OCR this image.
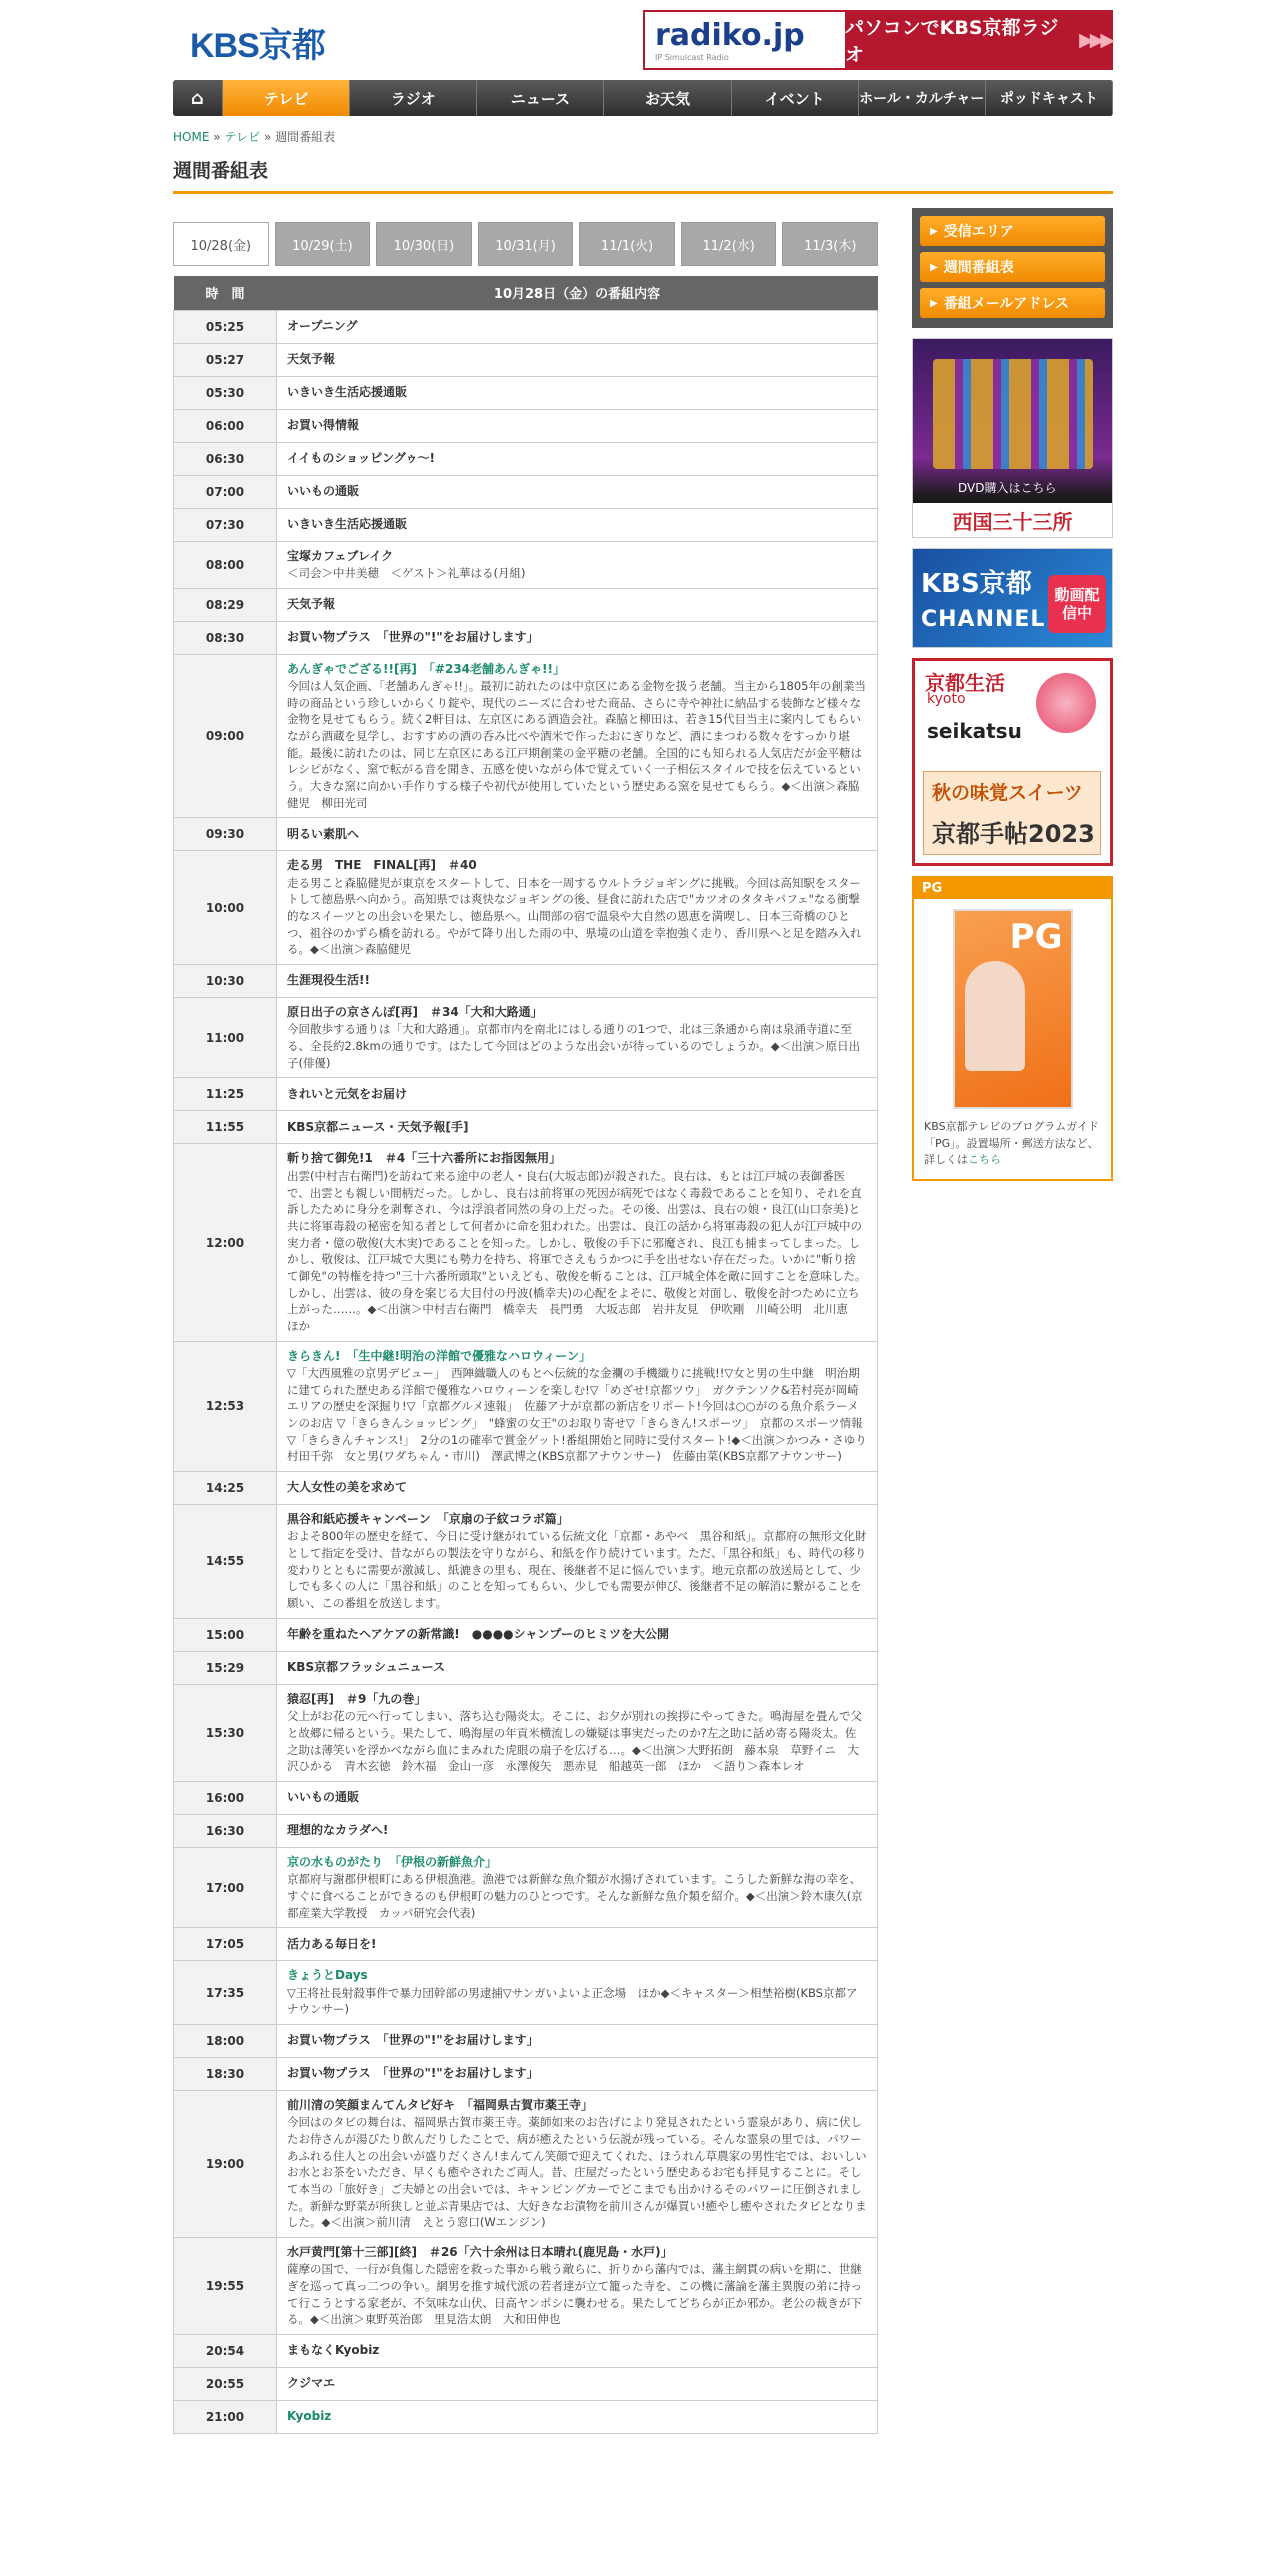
KBS京都	radiko.jp
IP Simulcast Radio
パソコンでKBS京都ラジオ
▶▶▶
⌂	テレビ	ラジオ	ニュース	お天気	イベント	ホール・カルチャー	ポッドキャスト
HOME » テレビ » 週間番組表
週間番組表
10/28(金)	10/29(土)	10/30(日)	10/31(月)	11/1(火)	11/2(水)	11/3(木)
時　間	10月28日（金）の番組内容
05:25	オープニング

05:27	天気予報

05:30	いきいき生活応援通販

06:00	お買い得情報

06:30	イイものショッピングゥ～!

07:00	いいもの通販

07:30	いきいき生活応援通販

08:00	宝塚カフェブレイク
＜司会＞中井美穂　＜ゲスト＞礼華はる(月組)

08:29	天気予報

08:30	お買い物プラス　「世界の"!"をお届けします」

09:00	あんぎゃでござる!![再]　「#234老舗あんぎゃ!!」
今回は人気企画、「老舗あんぎゃ!!」。最初に訪れたのは中京区にある金物を扱う老舗。当主から1805年の創業当時の商品という珍しいからくり錠や、現代のニーズに合わせた商品、さらに寺や神社に納品する装飾など様々な金物を見せてもらう。続く2軒目は、左京区にある酒造会社。森脇と柳田は、若き15代目当主に案内してもらいながら酒蔵を見学し、おすすめの酒の呑み比べや酒米で作ったおにぎりなど、酒にまつわる数々をすっかり堪能。最後に訪れたのは、同じ左京区にある江戸期創業の金平糖の老舗。全国的にも知られる人気店だが金平糖はレシピがなく、窯で転がる音を聞き、五感を使いながら体で覚えていく一子相伝スタイルで技を伝えているという。大きな窯に向かい手作りする様子や初代が使用していたという歴史ある窯を見せてもらう。◆＜出演＞森脇健児　柳田光司

09:30	明るい素肌へ

10:00	走る男　THE　FINAL[再]　＃40
走る男こと森脇健児が東京をスタートして、日本を一周するウルトラジョギングに挑戦。今回は高知駅をスタートして徳島県へ向かう。高知県では爽快なジョギングの後、昼食に訪れた店で"カツオのタタキパフェ"なる衝撃的なスイーツとの出会いを果たし、徳島県へ。山間部の宿で温泉や大自然の恩恵を満喫し、日本三奇橋のひとつ、祖谷のかずら橋を訪れる。やがて降り出した雨の中、県境の山道を幸抱強く走り、香川県へと足を踏み入れる。◆＜出演＞森脇健児

10:30	生涯現役生活!!

11:00	原日出子の京さんぽ[再]　＃34「大和大路通」
今回散歩する通りは「大和大路通」。京都市内を南北にはしる通りの1つで、北は三条通から南は泉涌寺道に至る、全長約2.8kmの通りです。はたして今回はどのような出会いが待っているのでしょうか。◆＜出演＞原日出子(俳優)

11:25	きれいと元気をお届け

11:55	KBS京都ニュース・天気予報[手]

12:00	斬り捨て御免!1　＃4「三十六番所にお指図無用」
出雲(中村吉右衛門)を訪ねて来る途中の老人・良右(大坂志郎)が殺された。良右は、もとは江戸城の表御番医で、出雲とも親しい間柄だった。しかし、良右は前将軍の死因が病死ではなく毒殺であることを知り、それを直訴したために身分を剥奪され、今は浮浪者同然の身の上だった。その後、出雲は、良右の娘・良江(山口奈美)と共に将軍毒殺の秘密を知る者として何者かに命を狙われた。出雲は、良江の話から将軍毒殺の犯人が江戸城中の実力者・億の敬俊(大木実)であることを知った。しかし、敬俊の手下に邪魔され、良江も捕まってしまった。しかし、敬俊は、江戸城で大奥にも勢力を持ち、将軍でさえもうかつに手を出せない存在だった。いかに"斬り捨て御免"の特権を持つ"三十六番所頭取"といえども、敬俊を斬ることは、江戸城全体を敵に回すことを意味した。しかし、出雲は、彼の身を案じる大目付の丹波(橋幸夫)の心配をよそに、敬俊と対面し、敬俊を討つために立ち上がった……。◆＜出演＞中村吉右衛門　橋幸夫　長門勇　大坂志郎　岩井友見　伊吹剛　川崎公明　北川恵　ほか

12:53	きらきん!　「生中継!明治の洋館で優雅なハロウィーン」
▽「大西風雅の京男デビュー」　西陣織職人のもとへ伝統的な金襴の手機織りに挑戦!!▽女と男の生中継　明治期に建てられた歴史ある洋館で優雅なハロウィーンを楽しむ!▽「めざせ!京都ツウ」　ガクテンソク&若村亮が岡崎エリアの歴史を深掘り!▽「京都グルメ速報」　佐藤アナが京都の新店をリポート!今回は○○がのる魚介系ラーメンのお店 ▽「きらきんショッピング」　"蜂蜜の女王"のお取り寄せ▽「きらきん!スポーツ」　京都のスポーツ情報▽「きらきんチャンス!」　2分の1の確率で賞金ゲット!番組開始と同時に受付スタート!◆＜出演＞かつみ・さゆり　村田千弥　女と男(ワダちゃん・市川)　澤武博之(KBS京都アナウンサー)　佐藤由菜(KBS京都アナウンサー)

14:25	大人女性の美を求めて

14:55	黒谷和紙応援キャンペーン　「京扇の子紋コラボ篇」
およそ800年の歴史を経て、今日に受け継がれている伝統文化「京都・あやべ　黒谷和紙」。京都府の無形文化財として指定を受け、昔ながらの製法を守りながら、和紙を作り続けています。ただ、「黒谷和紙」も、時代の移り変わりとともに需要が激減し、紙漉きの里も、現在、後継者不足に悩んでいます。地元京都の放送局として、少しでも多くの人に「黒谷和紙」のことを知ってもらい、少しでも需要が伸び、後継者不足の解消に繋がることを願い、この番組を放送します。

15:00	年齢を重ねたヘアケアの新常識!　●●●●シャンプーのヒミツを大公開

15:29	KBS京都フラッシュニュース

15:30	猿忍[再]　＃9「九の巻」
父上がお花の元へ行ってしまい、落ち込む陽炎太。そこに、お夕が別れの挨拶にやってきた。鳴海屋を畳んで父と故郷に帰るという。果たして、鳴海屋の年貢米横流しの嫌疑は事実だったのか?左之助に話め寄る陽炎太。佐之助は薄笑いを浮かべながら血にまみれた虎眼の扇子を広げる…。◆＜出演＞大野拓朗　藤本泉　草野イニ　大沢ひかる　青木玄徳　鈴木福　金山一彦　永澤俊矢　悪赤見　船越英一郎　ほか　＜語り＞森本レオ

16:00	いいもの通販

16:30	理想的なカラダへ!

17:00	京の水ものがたり　「伊根の新鮮魚介」
京都府与謝郡伊根町にある伊根漁港。漁港では新鮮な魚介類が水揚げされています。こうした新鮮な海の幸を、すぐに食べることができるのも伊根町の魅力のひとつです。そんな新鮮な魚介類を紹介。◆＜出演＞鈴木康久(京都産業大学教授　カッパ研究会代表)

17:05	活力ある毎日を!

17:35	きょうとDays
▽王将社長射殺事件で暴力団幹部の男逮捕▽サンガいよいよ正念場　ほか◆＜キャスター＞相埜裕樹(KBS京都アナウンサー)

18:00	お買い物プラス　「世界の"!"をお届けします」

18:30	お買い物プラス　「世界の"!"をお届けします」

19:00	前川清の笑顔まんてんタビ好キ　「福岡県古賀市薬王寺」
今回はのタビの舞台は、福岡県古賀市薬王寺。薬師如来のお告げにより発見されたという霊泉があり、病に伏したお侍さんが湯びたり飲んだりしたことで、病が癒えたという伝説が残っている。そんな霊泉の里では、パワーあふれる住人との出会いが盛りだくさん!まんてん笑顔で迎えてくれた、ほうれん草農家の男性宅では、おいしいお水とお茶をいただき、早くも癒やされたご両人。昔、庄屋だったという歴史あるお宅も拝見することに。そして本当の「旅好き」ご夫婦との出会いでは、キャンピングカーでどこまでも出かけるそのパワーに圧倒されました。新鮮な野菜が所狭しと並ぶ青果店では、大好きなお漬物を前川さんが爆買い!癒やし癒やされたタビとなりました。◆＜出演＞前川清　えとう窓口(Wエンジン)

19:55	水戸黄門[第十三部][終]　＃26「六十余州は日本晴れ(鹿児島・水戸)」
薩摩の国で、一行が負傷した隠密を救った事から戦う敵らに、折りから藩内では、藩主網貫の病いを期に、世継ぎを巡って真っ二つの争い。網男を推す城代派の若者達が立て籠った寺を、この機に藩論を藩主異腹の弟に持って行こうとする家老が、不気味な山伏、日高ヤンポシに襲わせる。果たしてどちらが正か邪か。老公の裁きが下る。◆＜出演＞東野英治郎　里見浩太朗　大和田伸也

20:54	まもなくKyobiz

20:55	クジマエ

21:00	Kyobiz
▶ 受信エリア
▶ 週間番組表
▶ 番組メールアドレス
DVD購入はこちら
西国三十三所
KBS京都
CHANNEL
動画配信中
京都生活
kyoto
seikatsu
秋の味覚スイーツ
京都手帖2023
PG
PG
KBS京都テレビのプログラムガイド「PG」。設置場所・郵送方法など、詳しくはこちら
